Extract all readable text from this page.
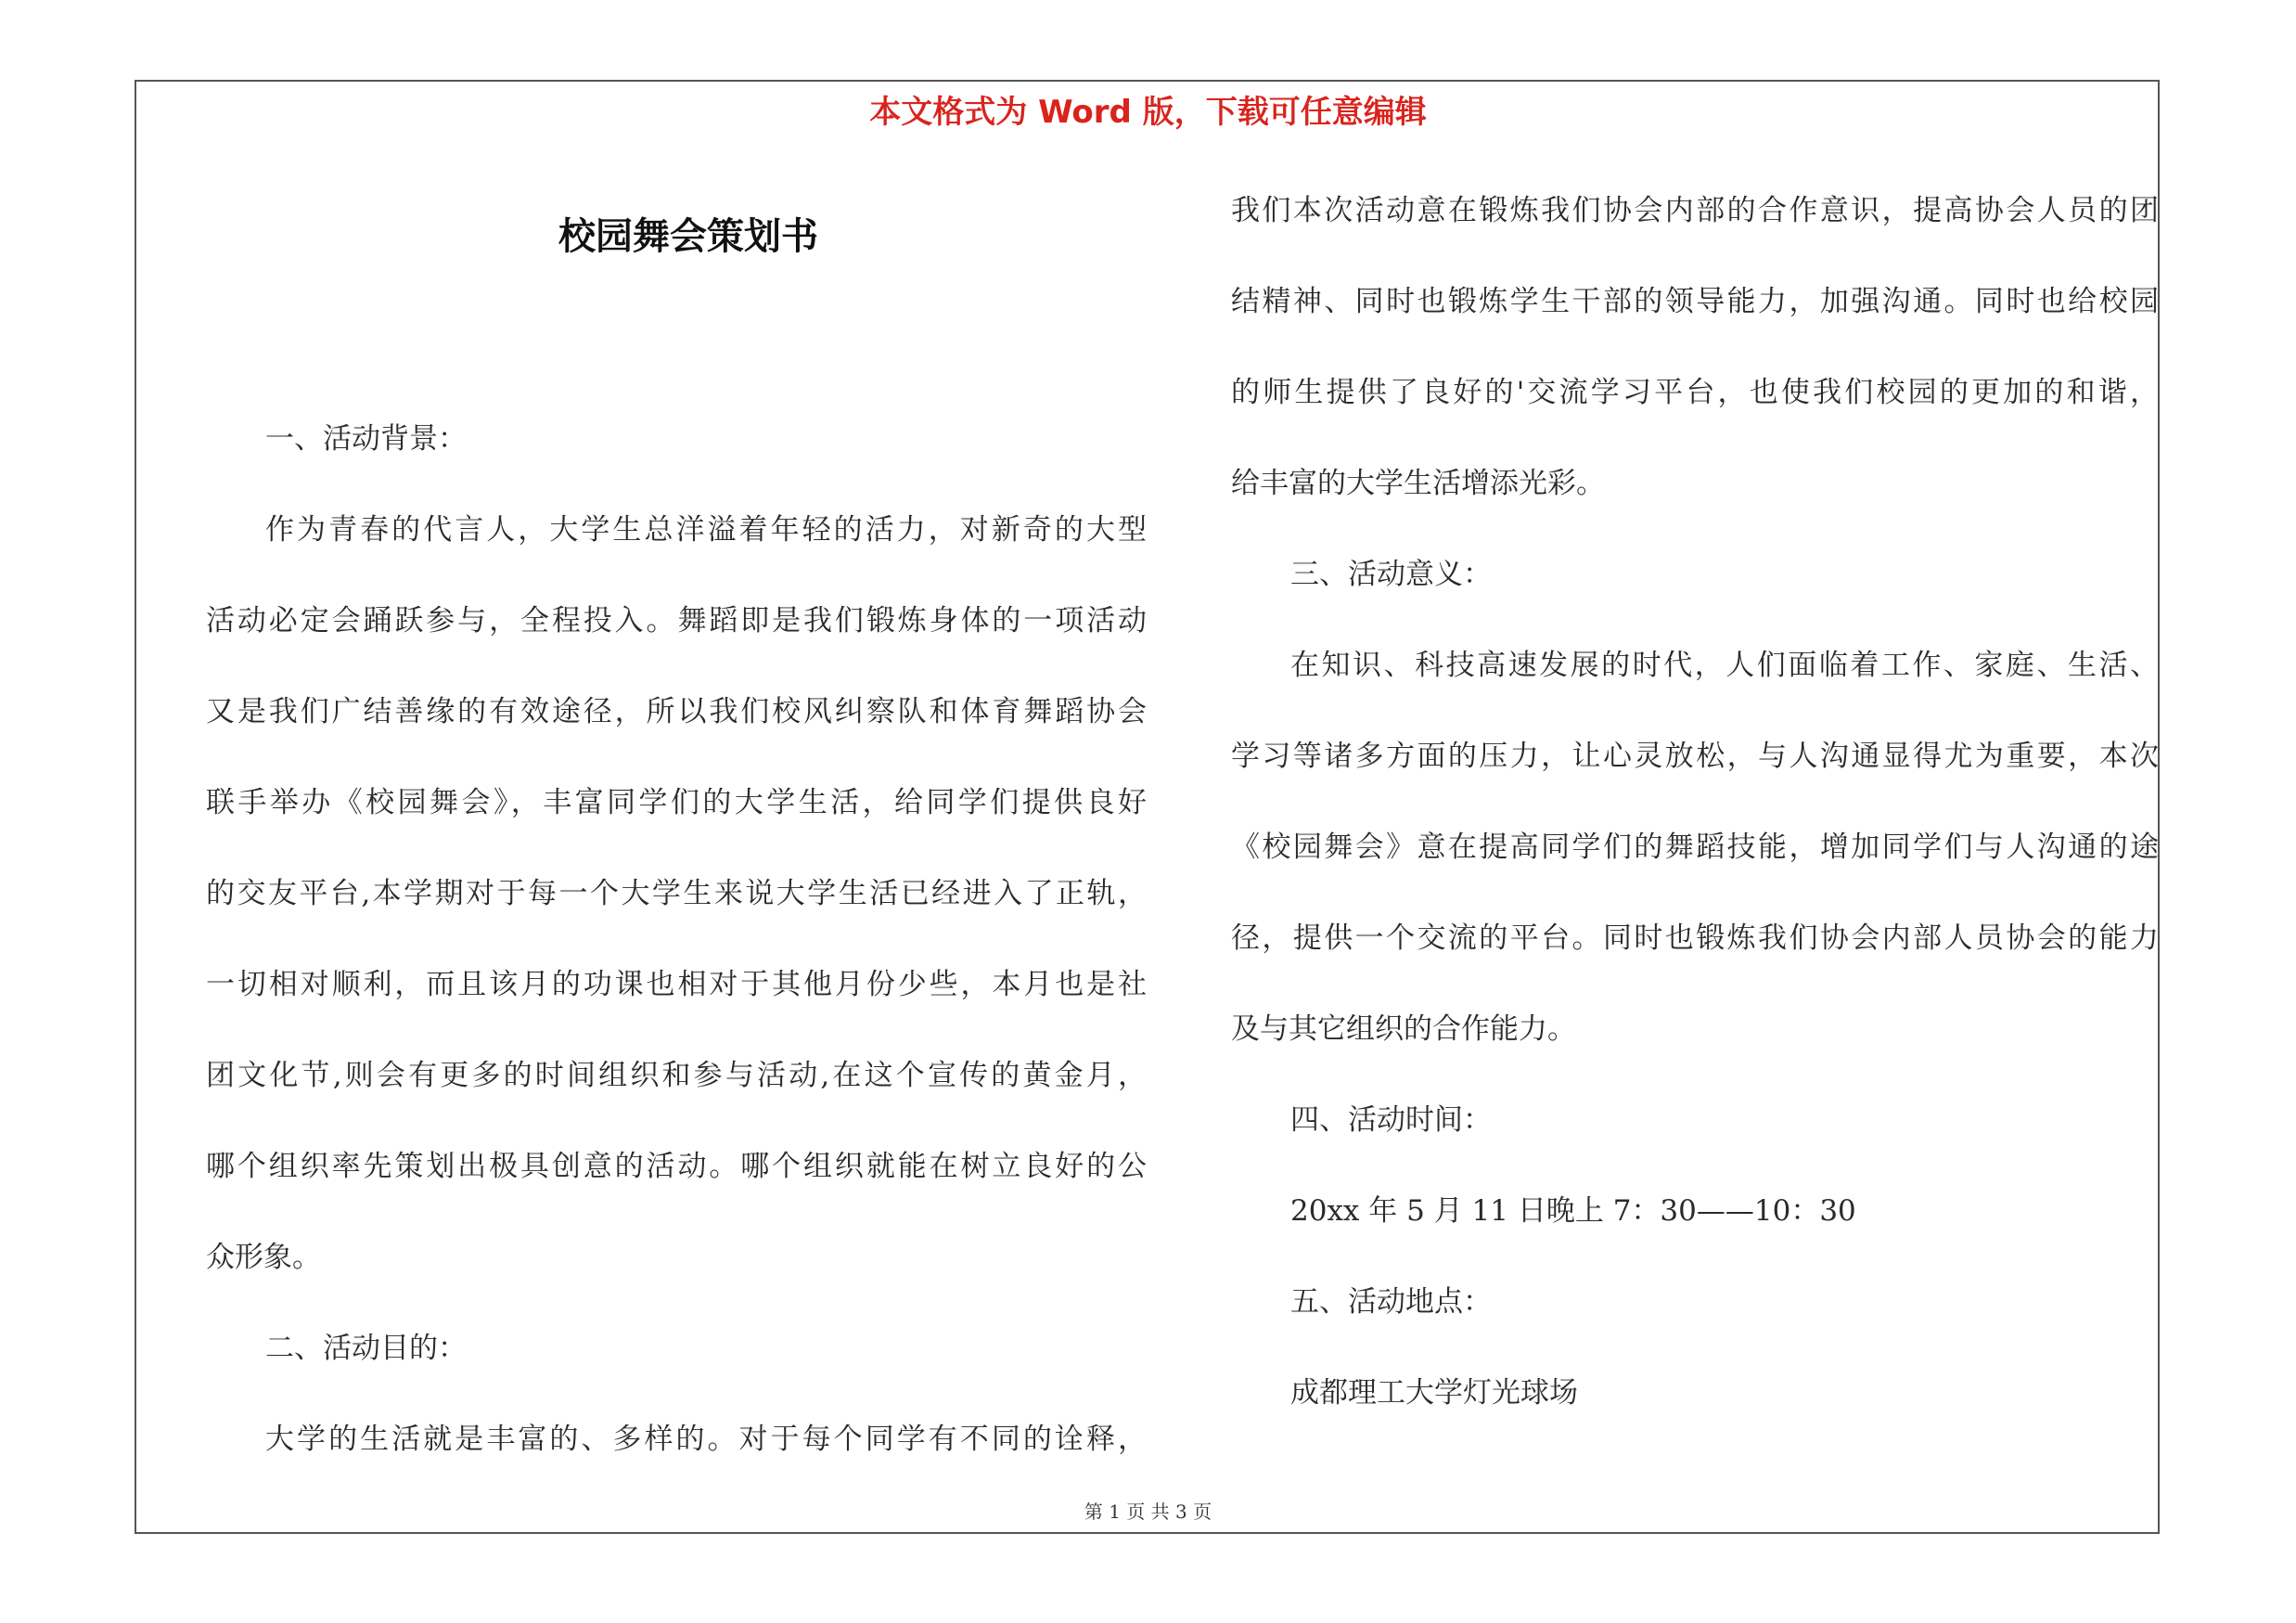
本文格式为 Word 版，下载可任意编辑
校园舞会策划书
一、活动背景：
作为青春的代言人，大学生总洋溢着年轻的活力，对新奇的大型
活动必定会踊跃参与，全程投入。舞蹈即是我们锻炼身体的一项活动
又是我们广结善缘的有效途径，所以我们校风纠察队和体育舞蹈协会
联手举办《校园舞会》，丰富同学们的大学生活，给同学们提供良好
的交友平台,本学期对于每一个大学生来说大学生活已经进入了正轨，
一切相对顺利，而且该月的功课也相对于其他月份少些，本月也是社
团文化节,则会有更多的时间组织和参与活动,在这个宣传的黄金月，
哪个组织率先策划出极具创意的活动。哪个组织就能在树立良好的公
众形象。
二、活动目的：
大学的生活就是丰富的、多样的。对于每个同学有不同的诠释，
我们本次活动意在锻炼我们协会内部的合作意识，提高协会人员的团
结精神、同时也锻炼学生干部的领导能力，加强沟通。同时也给校园
的师生提供了良好的'交流学习平台，也使我们校园的更加的和谐，
给丰富的大学生活增添光彩。
三、活动意义：
在知识、科技高速发展的时代，人们面临着工作、家庭、生活、
学习等诸多方面的压力，让心灵放松，与人沟通显得尤为重要，本次
《校园舞会》意在提高同学们的舞蹈技能，增加同学们与人沟通的途
径，提供一个交流的平台。同时也锻炼我们协会内部人员协会的能力
及与其它组织的合作能力。
四、活动时间：
20xx 年 5 月 11 日晚上 7：30——10：30
五、活动地点：
成都理工大学灯光球场
第 1 页 共 3 页
